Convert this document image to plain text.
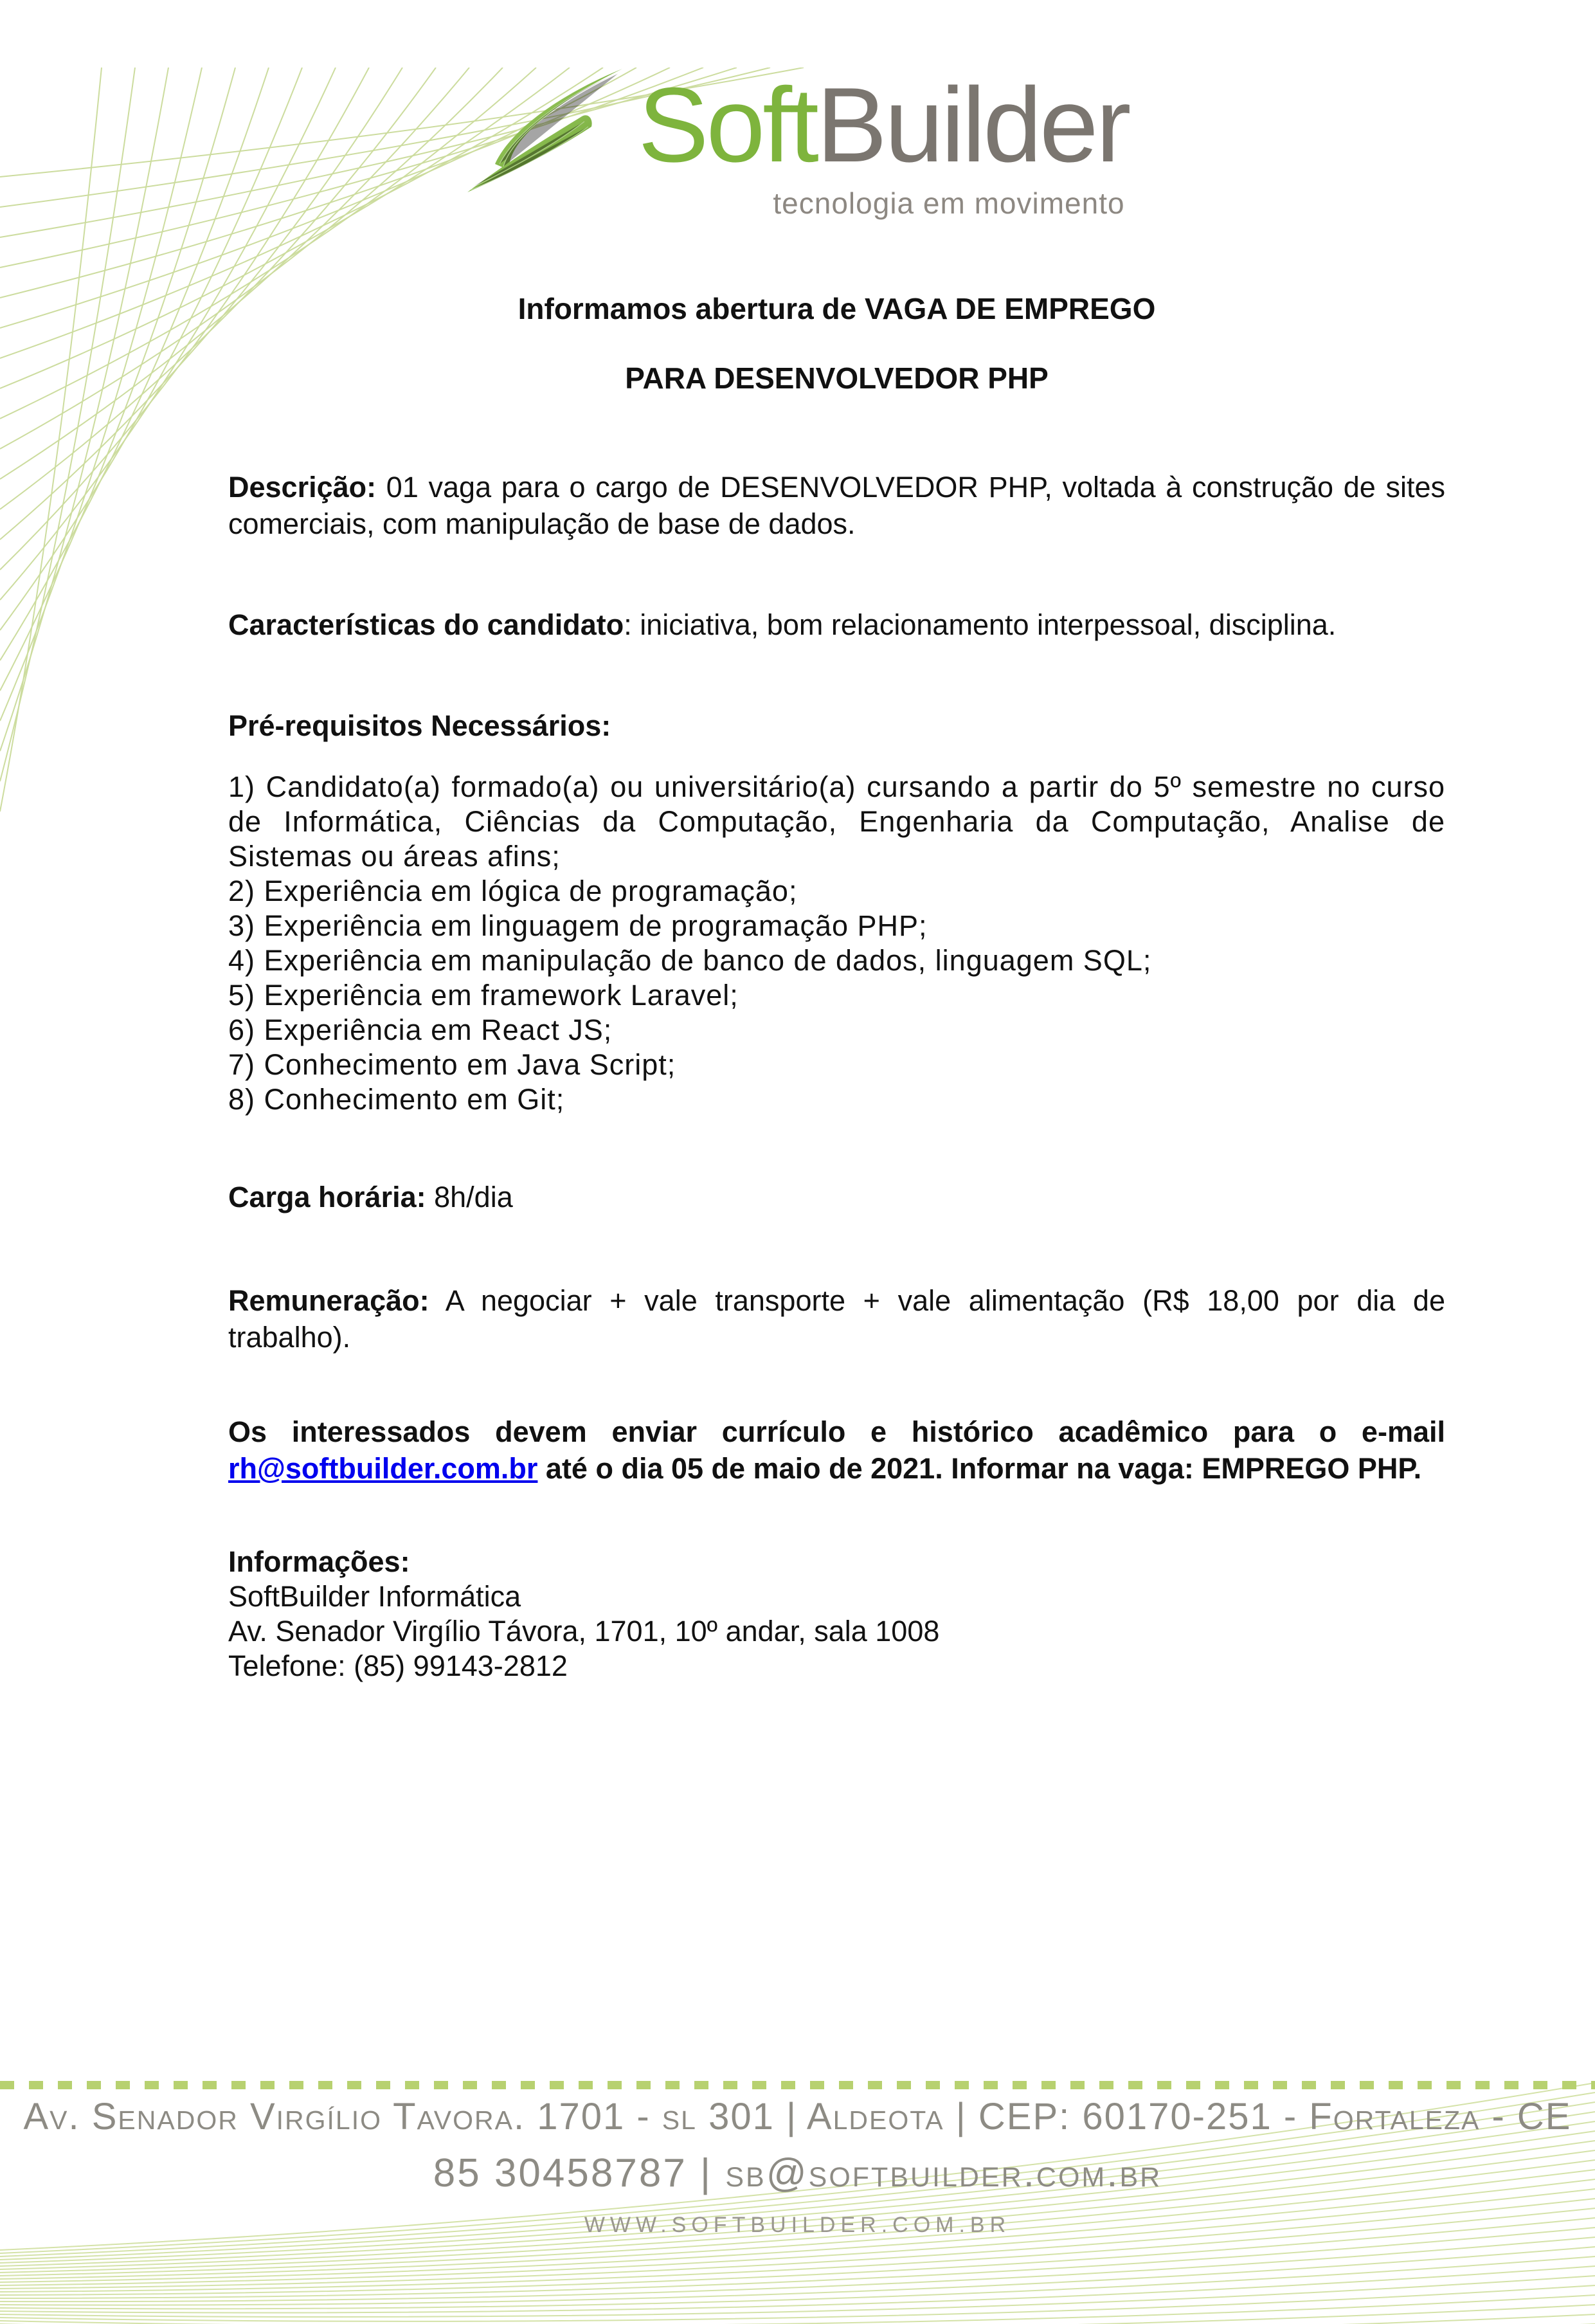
SoftBuilder
tecnologia em movimento
Informamos abertura de VAGA DE EMPREGO
PARA DESENVOLVEDOR PHP

Descrição: 01 vaga para o cargo de DESENVOLVEDOR PHP, voltada à construção de sites comerciais, com manipulação de base de dados.

Características do candidato: iniciativa, bom relacionamento interpessoal, disciplina.

Pré-requisitos Necessários:

1) Candidato(a) formado(a) ou universitário(a) cursando a partir do 5º semestre no curso de Informática, Ciências da Computação, Engenharia da Computação, Analise de Sistemas ou áreas afins;
2) Experiência em lógica de programação;
3) Experiência em linguagem de programação PHP;
4) Experiência em manipulação de banco de dados, linguagem SQL;
5) Experiência em framework Laravel;
6) Experiência em React JS;
7) Conhecimento em Java Script;
8) Conhecimento em Git;

Carga horária: 8h/dia

Remuneração: A negociar + vale transporte + vale alimentação (R$ 18,00 por dia de trabalho).

Os interessados devem enviar currículo e histórico acadêmico para o e-mail rh@softbuilder.com.br até o dia 05 de maio de 2021. Informar na vaga: EMPREGO PHP.

Informações:
SoftBuilder Informática
Av. Senador Virgílio Távora, 1701, 10º andar, sala 1008
Telefone: (85) 99143-2812
Av. Senador Virgílio Tavora. 1701 - sl 301 | Aldeota | CEP: 60170-251 - Fortaleza - CE
85 30458787 | sb@softbuilder.com.br
WWW.SOFTBUILDER.COM.BR
